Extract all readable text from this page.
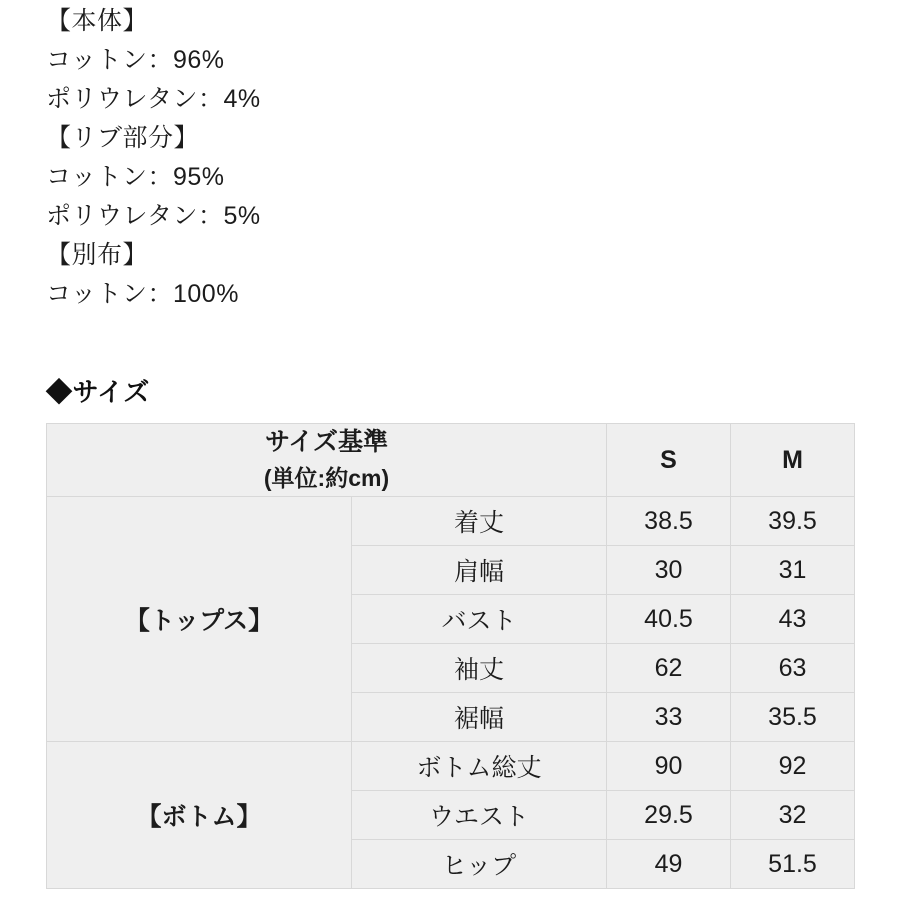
【本体】
コットン：96%
ポリウレタン：4%
【リブ部分】
コットン：95%
ポリウレタン：5%
【別布】
コットン：100%
◆サイズ
サイズ基準
(単位:約cm)		S	M
【トップス】	着丈	38.5	39.5
	肩幅	30	31
	バスト	40.5	43
	袖丈	62	63
	裾幅	33	35.5
【ボトム】	ボトム総丈	90	92
	ウエスト	29.5	32
	ヒップ	49	51.5
